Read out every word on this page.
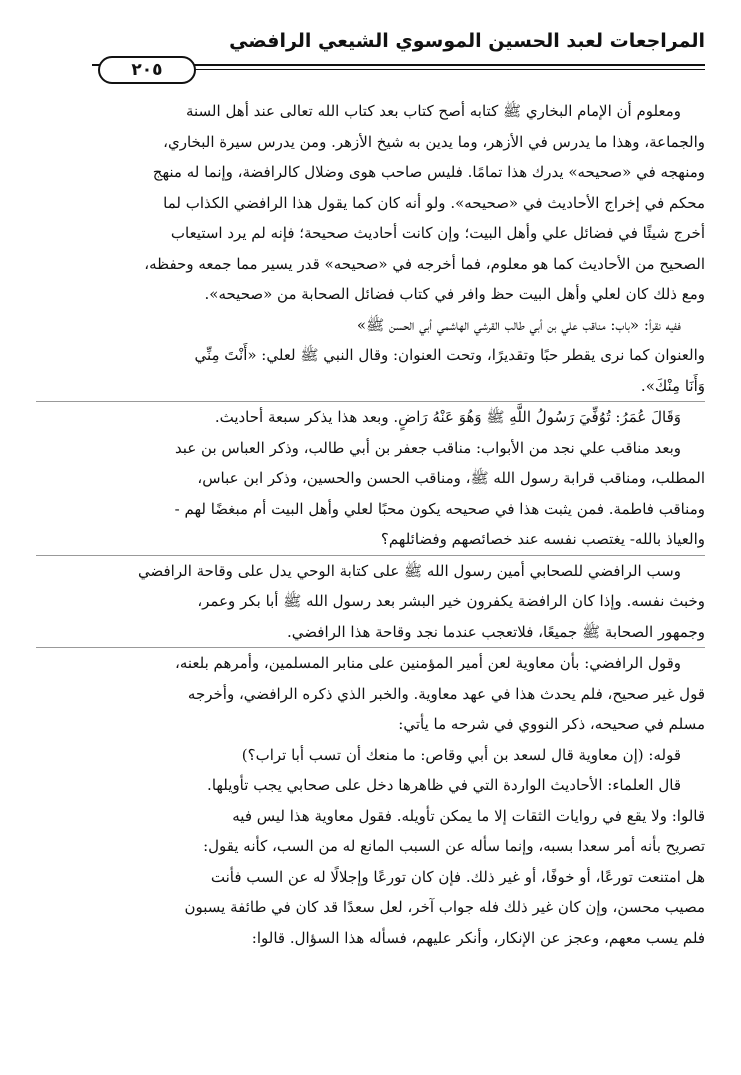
المراجعات لعبد الحسين الموسوي الشيعي الرافضي
٢٠٥
ومعلوم أن الإمام البخاري ﷺ كتابه أصح كتاب بعد كتاب الله تعالى عند أهل السنة
والجماعة، وهذا ما يدرس في الأزهر، وما يدين به شيخ الأزهر. ومن يدرس سيرة البخاري،
ومنهجه في «صحيحه» يدرك هذا تمامًا. فليس صاحب هوى وضلال كالرافضة، وإنما له منهج
محكم في إخراج الأحاديث في «صحيحه». ولو أنه كان كما يقول هذا الرافضي الكذاب لما
أخرج شيئًا في فضائل علي وأهل البيت؛ وإن كانت أحاديث صحيحة؛ فإنه لم يرد استيعاب
الصحيح من الأحاديث كما هو معلوم، فما أخرجه في «صحيحه» قدر يسير مما جمعه وحفظه،
ومع ذلك كان لعلي وأهل البيت حظ وافر في كتاب فضائل الصحابة من «صحيحه».
ففيه نقرأ: «باب: مناقب علي بن أبي طالب القرشي الهاشمي أبي الحسن ﷺ»
والعنوان كما نرى يقطر حبًا وتقديرًا، وتحت العنوان: وقال النبي ﷺ لعلي: «أَنْتَ مِنِّي
وَأَنَا مِنْكَ».
وَقَالَ عُمَرُ: تُوُفِّيَ رَسُولُ اللَّهِ ﷺ وَهُوَ عَنْهُ رَاضٍ. وبعد هذا يذكر سبعة أحاديث.
وبعد مناقب علي نجد من الأبواب: مناقب جعفر بن أبي طالب، وذكر العباس بن عبد
المطلب، ومناقب قرابة رسول الله ﷺ، ومناقب الحسن والحسين، وذكر ابن عباس،
ومناقب فاطمة. فمن يثبت هذا في صحيحه يكون محبًا لعلي وأهل البيت أم مبغضًا لهم -
والعياذ بالله- يغتصب نفسه عند خصائصهم وفضائلهم؟
وسب الرافضي للصحابي أمين رسول الله ﷺ على كتابة الوحي يدل على وقاحة الرافضي
وخبث نفسه. وإذا كان الرافضة يكفرون خير البشر بعد رسول الله ﷺ أبا بكر وعمر،
وجمهور الصحابة ﷺ جميعًا، فلاتعجب عندما نجد وقاحة هذا الرافضي.
وقول الرافضي: بأن معاوية لعن أمير المؤمنين على منابر المسلمين، وأمرهم بلعنه،
قول غير صحيح، فلم يحدث هذا في عهد معاوية. والخبر الذي ذكره الرافضي، وأخرجه
مسلم في صحيحه، ذكر النووي في شرحه ما يأتي:
قوله: (إن معاوية قال لسعد بن أبي وقاص: ما منعك أن تسب أبا تراب؟)
قال العلماء: الأحاديث الواردة التي في ظاهرها دخل على صحابي يجب تأويلها.
قالوا: ولا يقع في روايات الثقات إلا ما يمكن تأويله. فقول معاوية هذا ليس فيه
تصريح بأنه أمر سعدا بسبه، وإنما سأله عن السبب المانع له من السب، كأنه يقول:
هل امتنعت تورعًا، أو خوفًا، أو غير ذلك. فإن كان تورعًا وإجلالًا له عن السب فأنت
مصيب محسن، وإن كان غير ذلك فله جواب آخر، لعل سعدًا قد كان في طائفة يسبون
فلم يسب معهم، وعجز عن الإنكار، وأنكر عليهم، فسأله هذا السؤال. قالوا:
